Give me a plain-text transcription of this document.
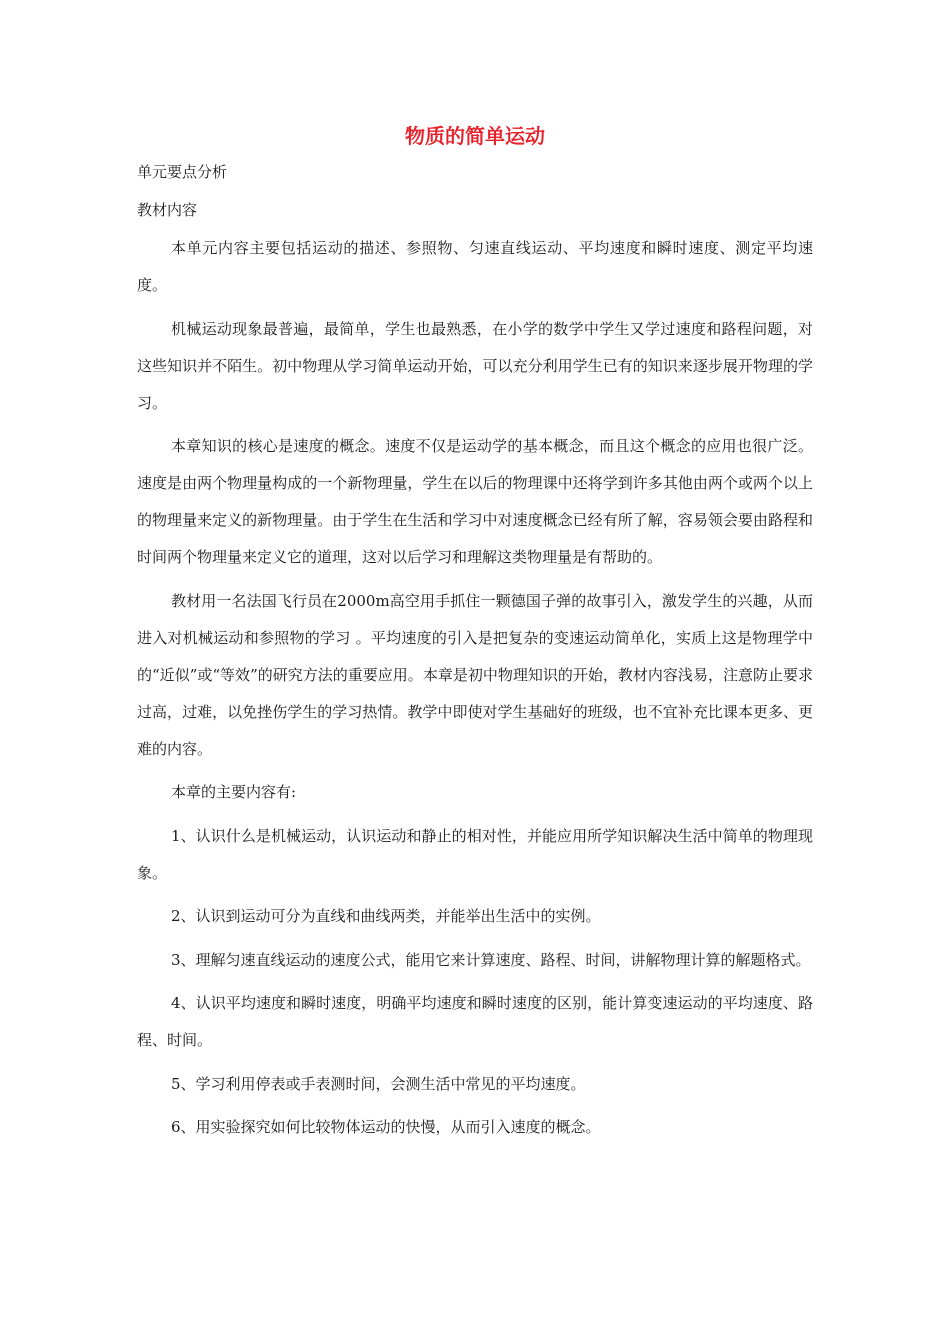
物质的简单运动

单元要点分析

教材内容

本单元内容主要包括运动的描述、参照物、匀速直线运动、平均速度和瞬时速度、测定平均速度。

机械运动现象最普遍，最简单，学生也最熟悉，在小学的数学中学生又学过速度和路程问题，对这些知识并不陌生。初中物理从学习简单运动开始，可以充分利用学生已有的知识来逐步展开物理的学习。

本章知识的核心是速度的概念。速度不仅是运动学的基本概念，而且这个概念的应用也很广泛。速度是由两个物理量构成的一个新物理量，学生在以后的物理课中还将学到许多其他由两个或两个以上的物理量来定义的新物理量。由于学生在生活和学习中对速度概念已经有所了解，容易领会要由路程和时间两个物理量来定义它的道理，这对以后学习和理解这类物理量是有帮助的。

教材用一名法国飞行员在2000m高空用手抓住一颗德国子弹的故事引入，激发学生的兴趣，从而进入对机械运动和参照物的学习 。平均速度的引入是把复杂的变速运动简单化，实质上这是物理学中的“近似”或“等效”的研究方法的重要应用。本章是初中物理知识的开始，教材内容浅易，注意防止要求过高，过难，以免挫伤学生的学习热情。教学中即使对学生基础好的班级，也不宜补充比课本更多、更难的内容。

本章的主要内容有:

1、认识什么是机械运动，认识运动和静止的相对性，并能应用所学知识解决生活中简单的物理现象。

2、认识到运动可分为直线和曲线两类，并能举出生活中的实例。

3、理解匀速直线运动的速度公式，能用它来计算速度、路程、时间，讲解物理计算的解题格式。

4、认识平均速度和瞬时速度，明确平均速度和瞬时速度的区别，能计算变速运动的平均速度、路程、时间。

5、学习利用停表或手表测时间，会测生活中常见的平均速度。

6、用实验探究如何比较物体运动的快慢，从而引入速度的概念。
